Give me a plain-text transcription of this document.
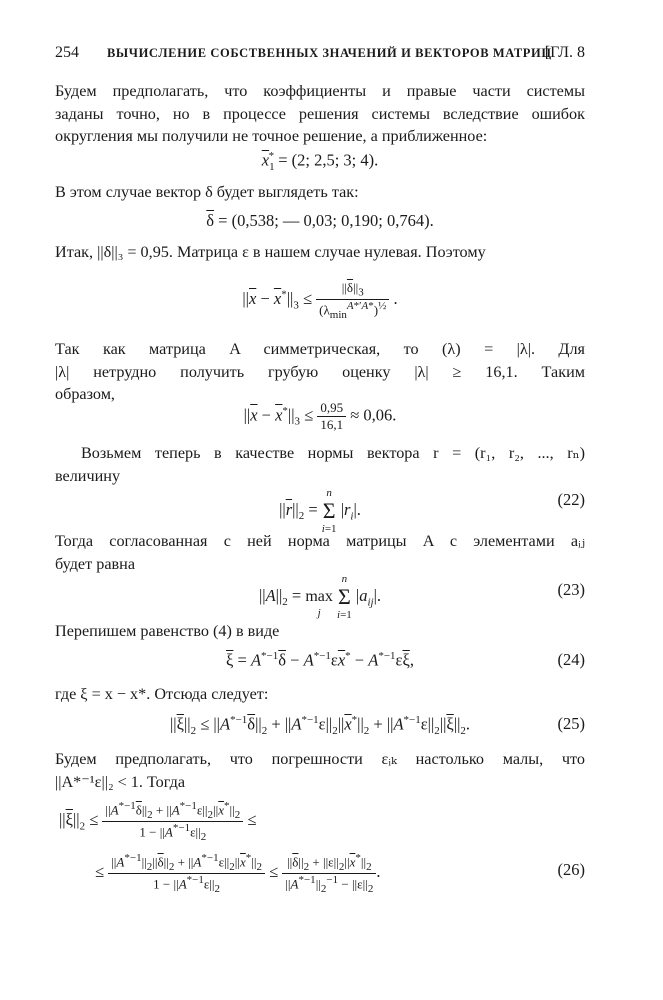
254 ВЫЧИСЛЕНИЕ СОБСТВЕННЫХ ЗНАЧЕНИЙ И ВЕКТОРОВ МАТРИЦ
[ГЛ. 8
Будем предполагать, что коэффициенты и правые части системы
заданы точно, но в процессе решения системы вследствие ошибок
округления мы получили не точное решение, а приближенное:
$\overline{x}_1^* = (2$; 2,5; 3; 4).
В этом случае вектор δ будет выглядеть так:
$\overline{\delta} = (0,538$; — 0,03; 0,190; 0,764).
Итак, ||δ||₃ = 0,95. Матрица ε в нашем случае нулевая. Поэтому
$||\overline{x} - \overline{x}^*||_3 \le \frac{||\overline{\delta}||_3}{(\lambda_{min}^{A*'A*})^{\frac{1}{2}}}$ .
Так как матрица A симметрическая, то (λ) = |λ|. Для
|λ| нетрудно получить грубую оценку |λ| ≥ 16,1. Таким
образом,
$||\overline{x} - \overline{x}^*||_3 \le \frac{0,95}{16,1} \approx 0,06$.
Возьмем теперь в качестве нормы вектора r = (r₁, r₂, ..., rₙ)
величину
$||\overline{r}||_2 = n$
Σ
i=1 $|r_i|$.
(22)
Тогда согласованная с ней норма матрицы A с элементами aᵢⱼ
будет равна
$||A||_2 = \max$
j n
Σ
i=1 $|a_{ij}|$.	(23)
Перепишем равенство (4) в виде
$\overline{\xi} = A^{*-1}\overline{\delta} - A^{*-1}\varepsilon\overline{x}^* - A^{*-1}\varepsilon\overline{\xi}$,	(24)
где ξ = x − x*. Отсюда следует:
$||\overline{\xi}||_2 \le ||A^{*-1}\overline{\delta}||_2 + ||A^{*-1}\varepsilon||_2||\overline{x}^*||_2 + ||A^{*-1}\varepsilon||_2||\overline{\xi}||_2$.	(25)
Будем предполагать, что погрешности εᵢₖ настолько малы, что
||A*⁻¹ε||₂ < 1. Тогда
$||\overline{\xi}||_2 \le \frac{||A^{*-1}\overline{\delta}||_2 + ||A^{*-1}\varepsilon||_2||\overline{x}^*||_2}{1 - ||A^{*-1}\varepsilon||_2}$ ≤
≤ $\frac{||A^{*-1}||_2||\overline{\delta}||_2 + ||A^{*-1}\varepsilon||_2||\overline{x}^*||_2}{1 - ||A^{*-1}\varepsilon||_2} \le \frac{||\overline{\delta}||_2 + ||\varepsilon||_2||\overline{x}^*||_2}{||A^{*-1}||_2^{-1} - ||\varepsilon||_2}$ .	(26)
